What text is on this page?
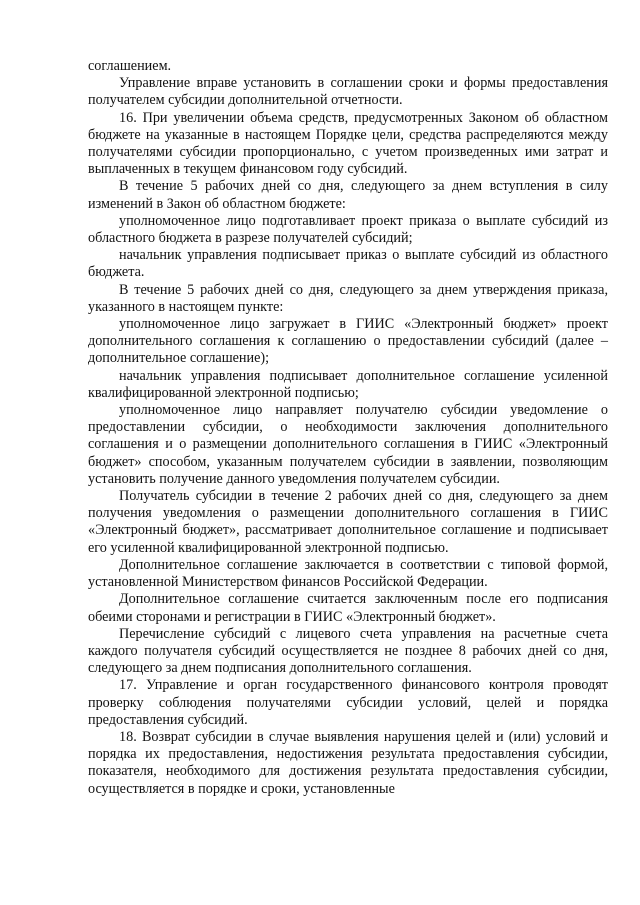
соглашением.

Управление вправе установить в соглашении сроки и формы предоставления получателем субсидии дополнительной отчетности.

16. При увеличении объема средств, предусмотренных Законом об областном бюджете на указанные в настоящем Порядке цели, средства распределяются между получателями субсидии пропорционально, с учетом произведенных ими затрат и выплаченных в текущем финансовом году субсидий.

В течение 5 рабочих дней со дня, следующего за днем вступления в силу изменений в Закон об областном бюджете:

уполномоченное лицо подготавливает проект приказа о выплате субсидий из областного бюджета в разрезе получателей субсидий;

начальник управления подписывает приказ о выплате субсидий из областного бюджета.

В течение 5 рабочих дней со дня, следующего за днем утверждения приказа, указанного в настоящем пункте:

уполномоченное лицо загружает в ГИИС «Электронный бюджет» проект дополнительного соглашения к соглашению о предоставлении субсидий (далее – дополнительное соглашение);

начальник управления подписывает дополнительное соглашение усиленной квалифицированной электронной подписью;

уполномоченное лицо направляет получателю субсидии уведомление о предоставлении субсидии, о необходимости заключения дополнительного соглашения и о размещении дополнительного соглашения в ГИИС «Электронный бюджет» способом, указанным получателем субсидии в заявлении, позволяющим установить получение данного уведомления получателем субсидии.

Получатель субсидии в течение 2 рабочих дней со дня, следующего за днем получения уведомления о размещении дополнительного соглашения в ГИИС «Электронный бюджет», рассматривает дополнительное соглашение и подписывает его усиленной квалифицированной электронной подписью.

Дополнительное соглашение заключается в соответствии с типовой формой, установленной Министерством финансов Российской Федерации.

Дополнительное соглашение считается заключенным после его подписания обеими сторонами и регистрации в ГИИС «Электронный бюджет».

Перечисление субсидий с лицевого счета управления на расчетные счета каждого получателя субсидий осуществляется не позднее 8 рабочих дней со дня, следующего за днем подписания дополнительного соглашения.

17. Управление и орган государственного финансового контроля проводят проверку соблюдения получателями субсидии условий, целей и порядка предоставления субсидий.

18. Возврат субсидии в случае выявления нарушения целей и (или) условий и порядка их предоставления, недостижения результата предоставления субсидии, показателя, необходимого для достижения результата предоставления субсидии, осуществляется в порядке и сроки, установленные
